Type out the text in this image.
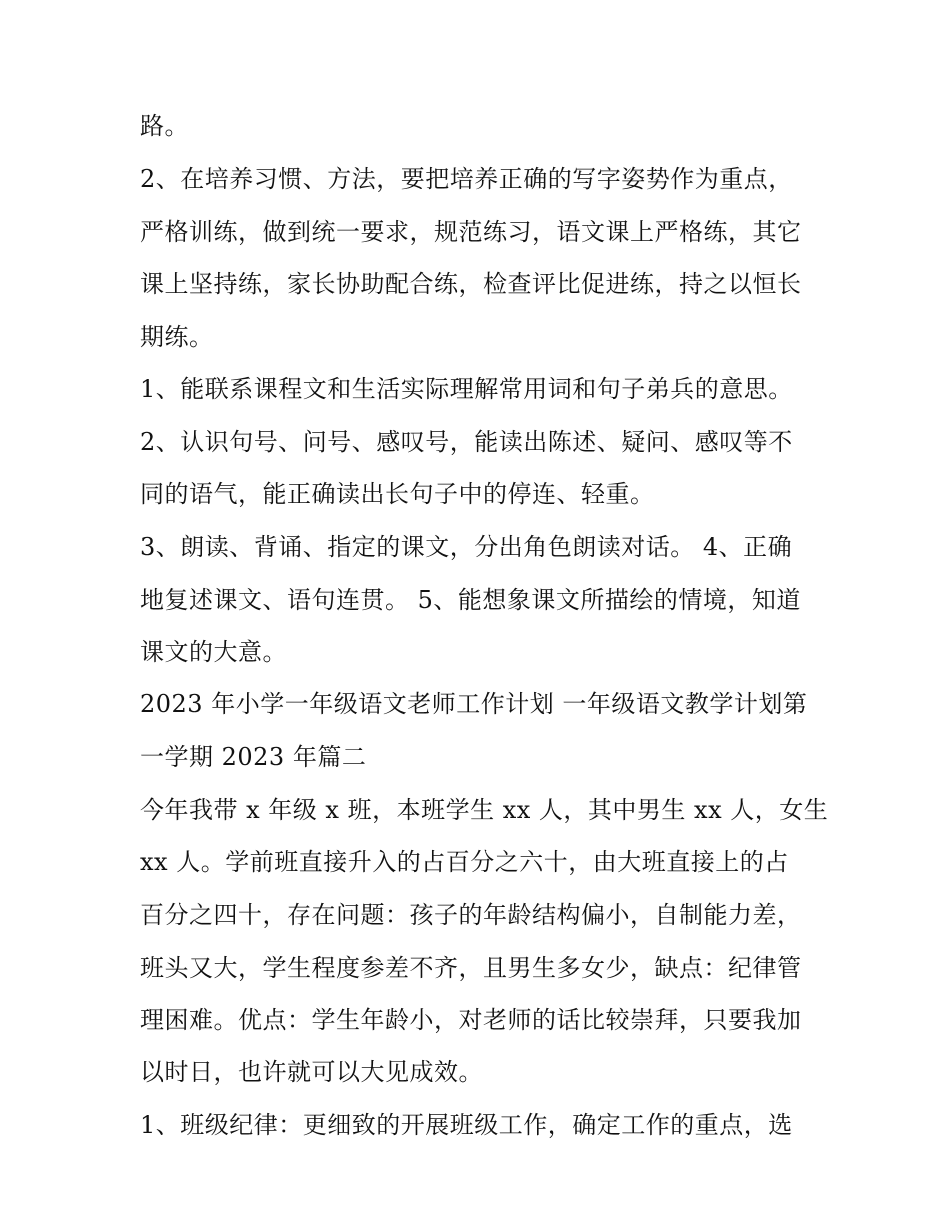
路。

2、在培养习惯、方法，要把培养正确的写字姿势作为重点，

严格训练，做到统一要求，规范练习，语文课上严格练，其它

课上坚持练，家长协助配合练，检查评比促进练，持之以恒长

期练。

1、能联系课程文和生活实际理解常用词和句子弟兵的意思。

2、认识句号、问号、感叹号，能读出陈述、疑问、感叹等不

同的语气，能正确读出长句子中的停连、轻重。

3、朗读、背诵、指定的课文，分出角色朗读对话。 4、正确

地复述课文、语句连贯。 5、能想象课文所描绘的情境，知道

课文的大意。

2023 年小学一年级语文老师工作计划 一年级语文教学计划第

一学期 2023 年篇二

今年我带 x 年级 x 班，本班学生 xx 人，其中男生 xx 人，女生

xx 人。学前班直接升入的占百分之六十，由大班直接上的占

百分之四十，存在问题：孩子的年龄结构偏小，自制能力差，

班头又大，学生程度参差不齐，且男生多女少，缺点：纪律管

理困难。优点：学生年龄小，对老师的话比较崇拜，只要我加

以时日，也许就可以大见成效。

1、班级纪律：更细致的开展班级工作，确定工作的重点，选
